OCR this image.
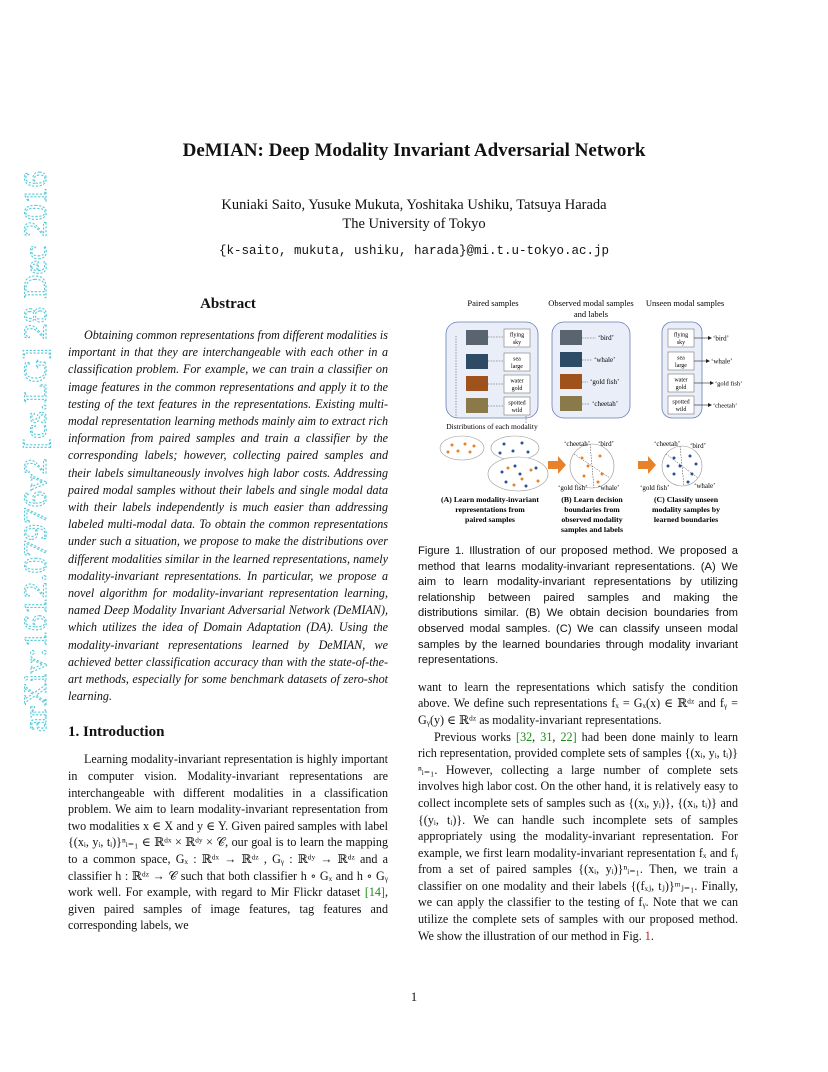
arXiv:1612.07976v2 [cs.LG] 28 Dec 2016
DeMIAN: Deep Modality Invariant Adversarial Network
Kuniaki Saito, Yusuke Mukuta, Yoshitaka Ushiku, Tatsuya Harada
The University of Tokyo
{k-saito, mukuta, ushiku, harada}@mi.t.u-tokyo.ac.jp
Abstract

Obtaining common representations from different modalities is important in that they are interchangeable with each other in a classification problem. For example, we can train a classifier on image features in the common representations and apply it to the testing of the text features in the representations. Existing multi-modal representation learning methods mainly aim to extract rich information from paired samples and train a classifier by the corresponding labels; however, collecting paired samples and their labels simultaneously involves high labor costs. Addressing paired modal samples without their labels and single modal data with their labels independently is much easier than addressing labeled multi-modal data. To obtain the common representations under such a situation, we propose to make the distributions over different modalities similar in the learned representations, namely modality-invariant representations. In particular, we propose a novel algorithm for modality-invariant representation learning, named Deep Modality Invariant Adversarial Network (DeMIAN), which utilizes the idea of Domain Adaptation (DA). Using the modality-invariant representations learned by DeMIAN, we achieved better classification accuracy than with the state-of-the-art methods, especially for some benchmark datasets of zero-shot learning.

1. Introduction

Learning modality-invariant representation is highly important in computer vision. Modality-invariant representations are interchangeable with different modalities in a classification problem. We aim to learn modality-invariant representation from two modalities x ∈ X and y ∈ Y. Given paired samples with label {(xᵢ, yᵢ, tᵢ)}ⁿᵢ₌₁ ∈ ℝᵈˣ × ℝᵈʸ × 𝒞, our goal is to learn the mapping to a common space, Gₓ : ℝᵈˣ → ℝᵈᶻ , Gᵧ : ℝᵈʸ → ℝᵈᶻ and a classifier h : ℝᵈᶻ → 𝒞 such that both classifier h ∘ Gₓ and h ∘ Gᵧ work well. For example, with regard to Mir Flickr dataset [14], given paired samples of image features, tag features and corresponding labels, we

Paired samples	Observed modal samples
and labels
Unseen modal samples
flying
sky
sea
large
water
gold
spotted
wild
‘bird’
‘whale’
‘gold fish’
‘cheetah’
flying
sky
sea
large
water
gold
spotted
wild
‘bird’
‘whale’
‘gold fish’
‘cheetah’
Distributions of each modality
‘cheetah’ ‘bird’
‘gold fish’ ‘whale’
‘cheetah’ ‘bird’
‘gold fish’	‘whale’
(A) Learn modality-invariant
representations from
paired samples
(B) Learn decision
boundaries from
observed modality
samples and labels
(C) Classify unseen
modality samples by
learned boundaries

Figure 1. Illustration of our proposed method. We proposed a method that learns modality-invariant representations. (A) We aim to learn modality-invariant representations by utilizing relationship between paired samples and making the distributions similar. (B) We obtain decision boundaries from observed modal samples. (C) We can classify unseen modal samples by the learned boundaries through modality invariant representations.

want to learn the representations which satisfy the condition above. We define such representations fₓ = Gₓ(x) ∈ ℝᵈᶻ and fᵧ = Gᵧ(y) ∈ ℝᵈᶻ as modality-invariant representations.

Previous works [32, 31, 22] had been done mainly to learn rich representation, provided complete sets of samples {(xᵢ, yᵢ, tᵢ)}ⁿᵢ₌₁. However, collecting a large number of complete sets involves high labor cost. On the other hand, it is relatively easy to collect incomplete sets of samples such as {(xᵢ, yᵢ)}, {(xᵢ, tᵢ)} and {(yᵢ, tᵢ)}. We can handle such incomplete sets of samples appropriately using the modality-invariant representation. For example, we first learn modality-invariant representation fₓ and fᵧ from a set of paired samples {(xᵢ, yᵢ)}ⁿᵢ₌₁. Then, we train a classifier on one modality and their labels {(fₓⱼ, tⱼ)}ᵐⱼ₌₁. Finally, we can apply the classifier to the testing of fᵧ. Note that we can utilize the complete sets of samples with our proposed method. We show the illustration of our method in Fig. 1.

1
